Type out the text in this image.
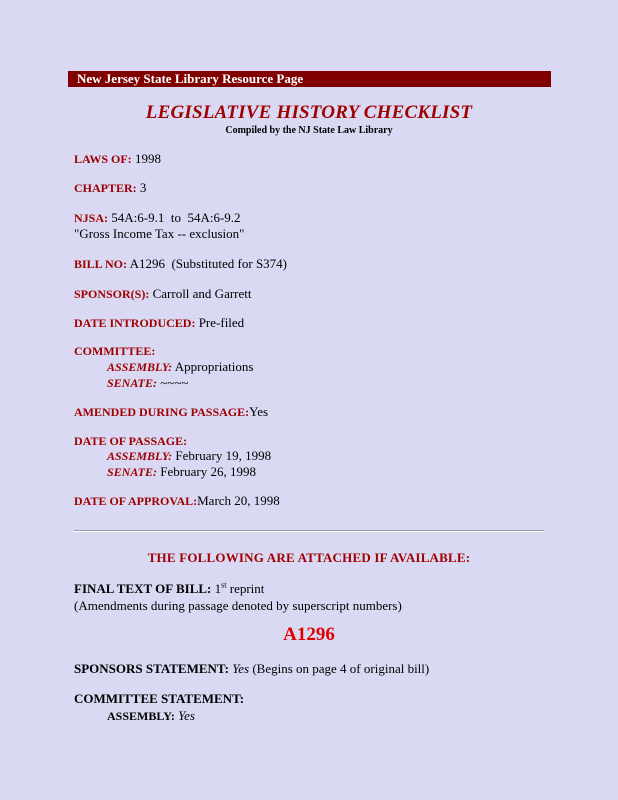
New Jersey State Library Resource Page
LEGISLATIVE HISTORY CHECKLIST
Compiled by the NJ State Law Library
LAWS OF: 1998
CHAPTER: 3
NJSA: 54A:6-9.1  to  54A:6-9.2
"Gross Income Tax -- exclusion"
BILL NO: A1296  (Substituted for S374)
SPONSOR(S): Carroll and Garrett
DATE INTRODUCED: Pre-filed
COMMITTEE:
ASSEMBLY: Appropriations
SENATE: ~~~~
AMENDED DURING PASSAGE:Yes
DATE OF PASSAGE:
ASSEMBLY: February 19, 1998
SENATE: February 26, 1998
DATE OF APPROVAL:March 20, 1998
THE FOLLOWING ARE ATTACHED IF AVAILABLE:
FINAL TEXT OF BILL: 1st reprint
(Amendments during passage denoted by superscript numbers)
A1296
SPONSORS STATEMENT: Yes (Begins on page 4 of original bill)
COMMITTEE STATEMENT:
ASSEMBLY: Yes
